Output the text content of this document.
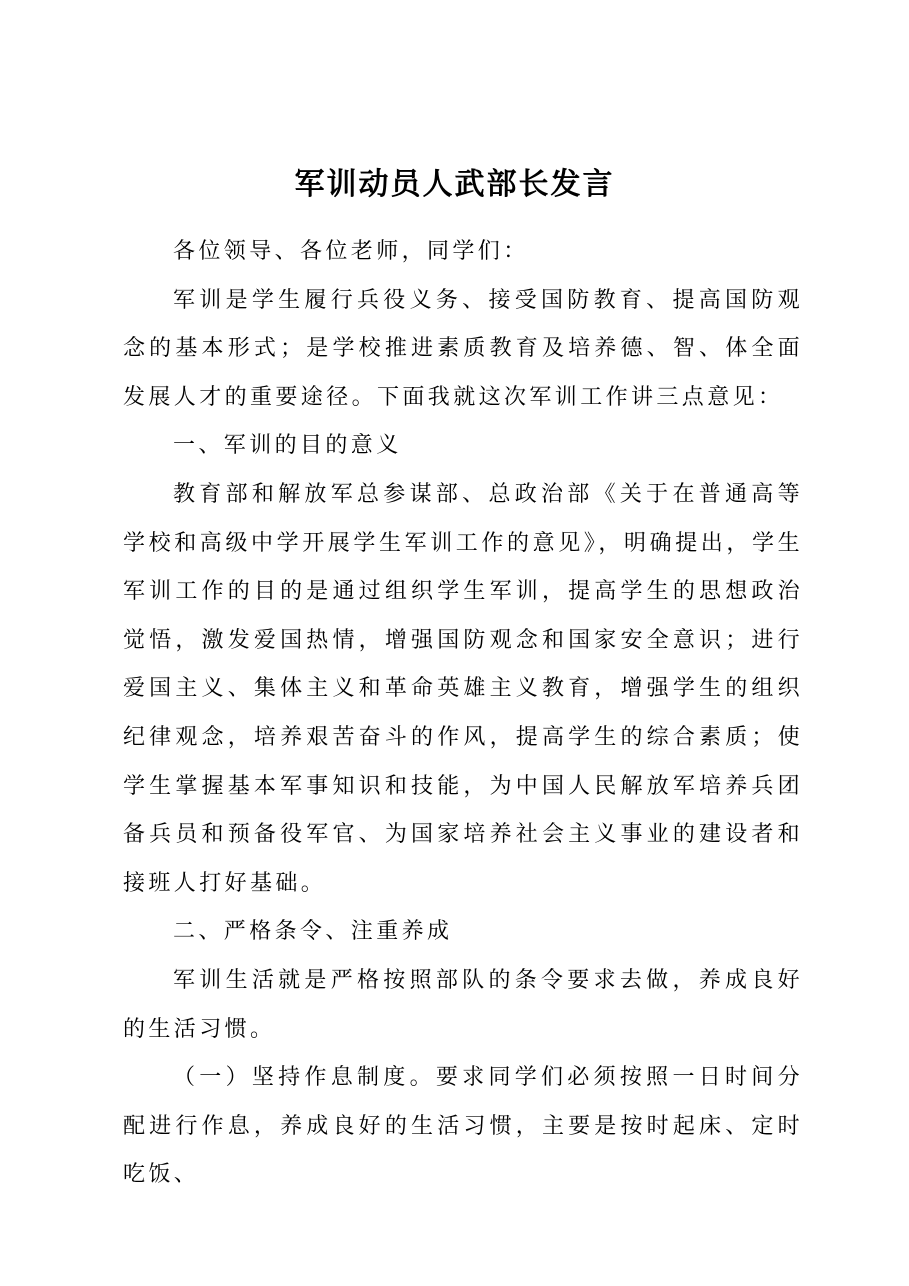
军训动员人武部长发言

各位领导、各位老师，同学们：

军训是学生履行兵役义务、接受国防教育、提高国防观念的基本形式；是学校推进素质教育及培养德、智、体全面发展人才的重要途径。下面我就这次军训工作讲三点意见：

一、军训的目的意义

教育部和解放军总参谋部、总政治部《关于在普通高等学校和高级中学开展学生军训工作的意见》，明确提出，学生军训工作的目的是通过组织学生军训，提高学生的思想政治觉悟，激发爱国热情，增强国防观念和国家安全意识；进行爱国主义、集体主义和革命英雄主义教育，增强学生的组织纪律观念，培养艰苦奋斗的作风，提高学生的综合素质；使学生掌握基本军事知识和技能，为中国人民解放军培养兵团备兵员和预备役军官、为国家培养社会主义事业的建设者和接班人打好基础。

二、严格条令、注重养成

军训生活就是严格按照部队的条令要求去做，养成良好的生活习惯。

（一）坚持作息制度。要求同学们必须按照一日时间分配进行作息，养成良好的生活习惯，主要是按时起床、定时吃饭、
